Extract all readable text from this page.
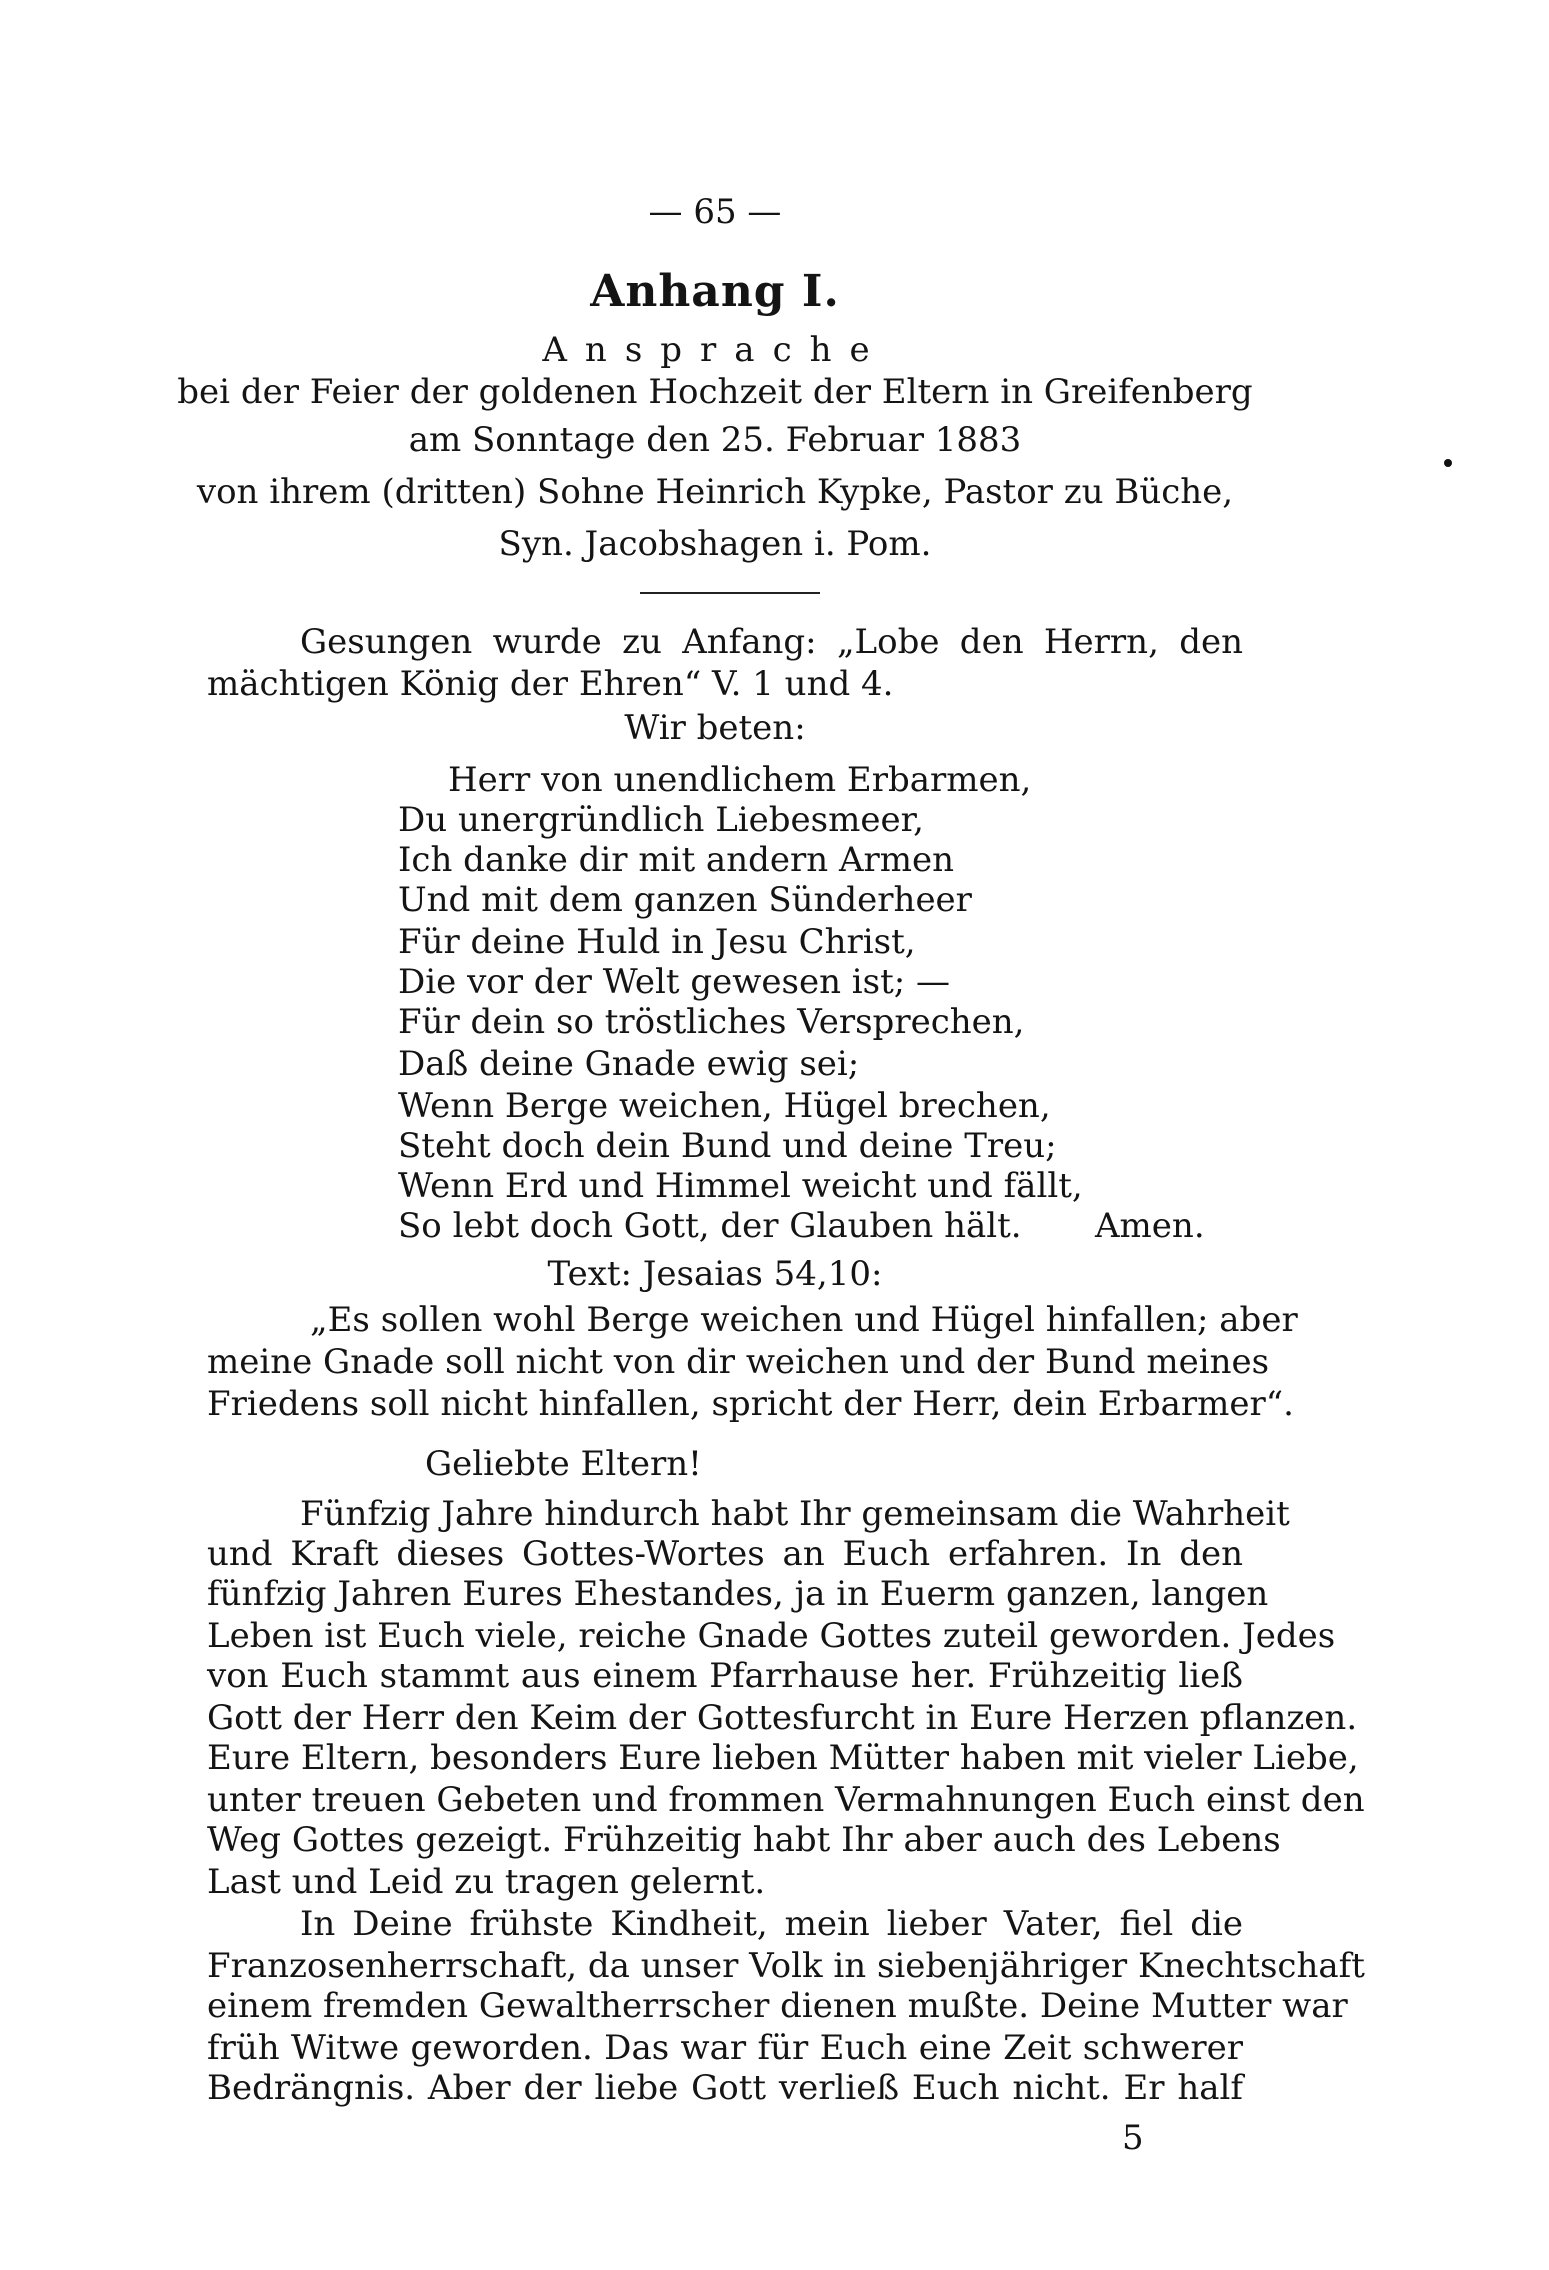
— 65 —
Anhang I.
Ansprache
bei der Feier der goldenen Hochzeit der Eltern in Greifenberg
am Sonntage den 25. Februar 1883
von ihrem (dritten) Sohne Heinrich Kypke, Pastor zu Büche,
Syn. Jacobshagen i. Pom.
Gesungen wurde zu Anfang: „Lobe den Herrn, den
mächtigen König der Ehren“ V. 1 und 4.
Wir beten:
Herr von unendlichem Erbarmen,
Du unergründlich Liebesmeer,
Ich danke dir mit andern Armen
Und mit dem ganzen Sünderheer
Für deine Huld in Jesu Christ,
Die vor der Welt gewesen ist; —
Für dein so tröstliches Versprechen,
Daß deine Gnade ewig sei;
Wenn Berge weichen, Hügel brechen,
Steht doch dein Bund und deine Treu;
Wenn Erd und Himmel weicht und fällt,
So lebt doch Gott, der Glauben hält. Amen.
Text: Jesaias 54,10:
„Es sollen wohl Berge weichen und Hügel hinfallen; aber
meine Gnade soll nicht von dir weichen und der Bund meines
Friedens soll nicht hinfallen, spricht der Herr, dein Erbarmer“.
Geliebte Eltern!
Fünfzig Jahre hindurch habt Ihr gemeinsam die Wahrheit
und Kraft dieses Gottes-Wortes an Euch erfahren. In den
fünfzig Jahren Eures Ehestandes, ja in Euerm ganzen, langen
Leben ist Euch viele, reiche Gnade Gottes zuteil geworden. Jedes
von Euch stammt aus einem Pfarrhause her. Frühzeitig ließ
Gott der Herr den Keim der Gottesfurcht in Eure Herzen pflanzen.
Eure Eltern, besonders Eure lieben Mütter haben mit vieler Liebe,
unter treuen Gebeten und frommen Vermahnungen Euch einst den
Weg Gottes gezeigt. Frühzeitig habt Ihr aber auch des Lebens
Last und Leid zu tragen gelernt.
In Deine frühste Kindheit, mein lieber Vater, fiel die
Franzosenherrschaft, da unser Volk in siebenjähriger Knechtschaft
einem fremden Gewaltherrscher dienen mußte. Deine Mutter war
früh Witwe geworden. Das war für Euch eine Zeit schwerer
Bedrängnis. Aber der liebe Gott verließ Euch nicht. Er half
5
